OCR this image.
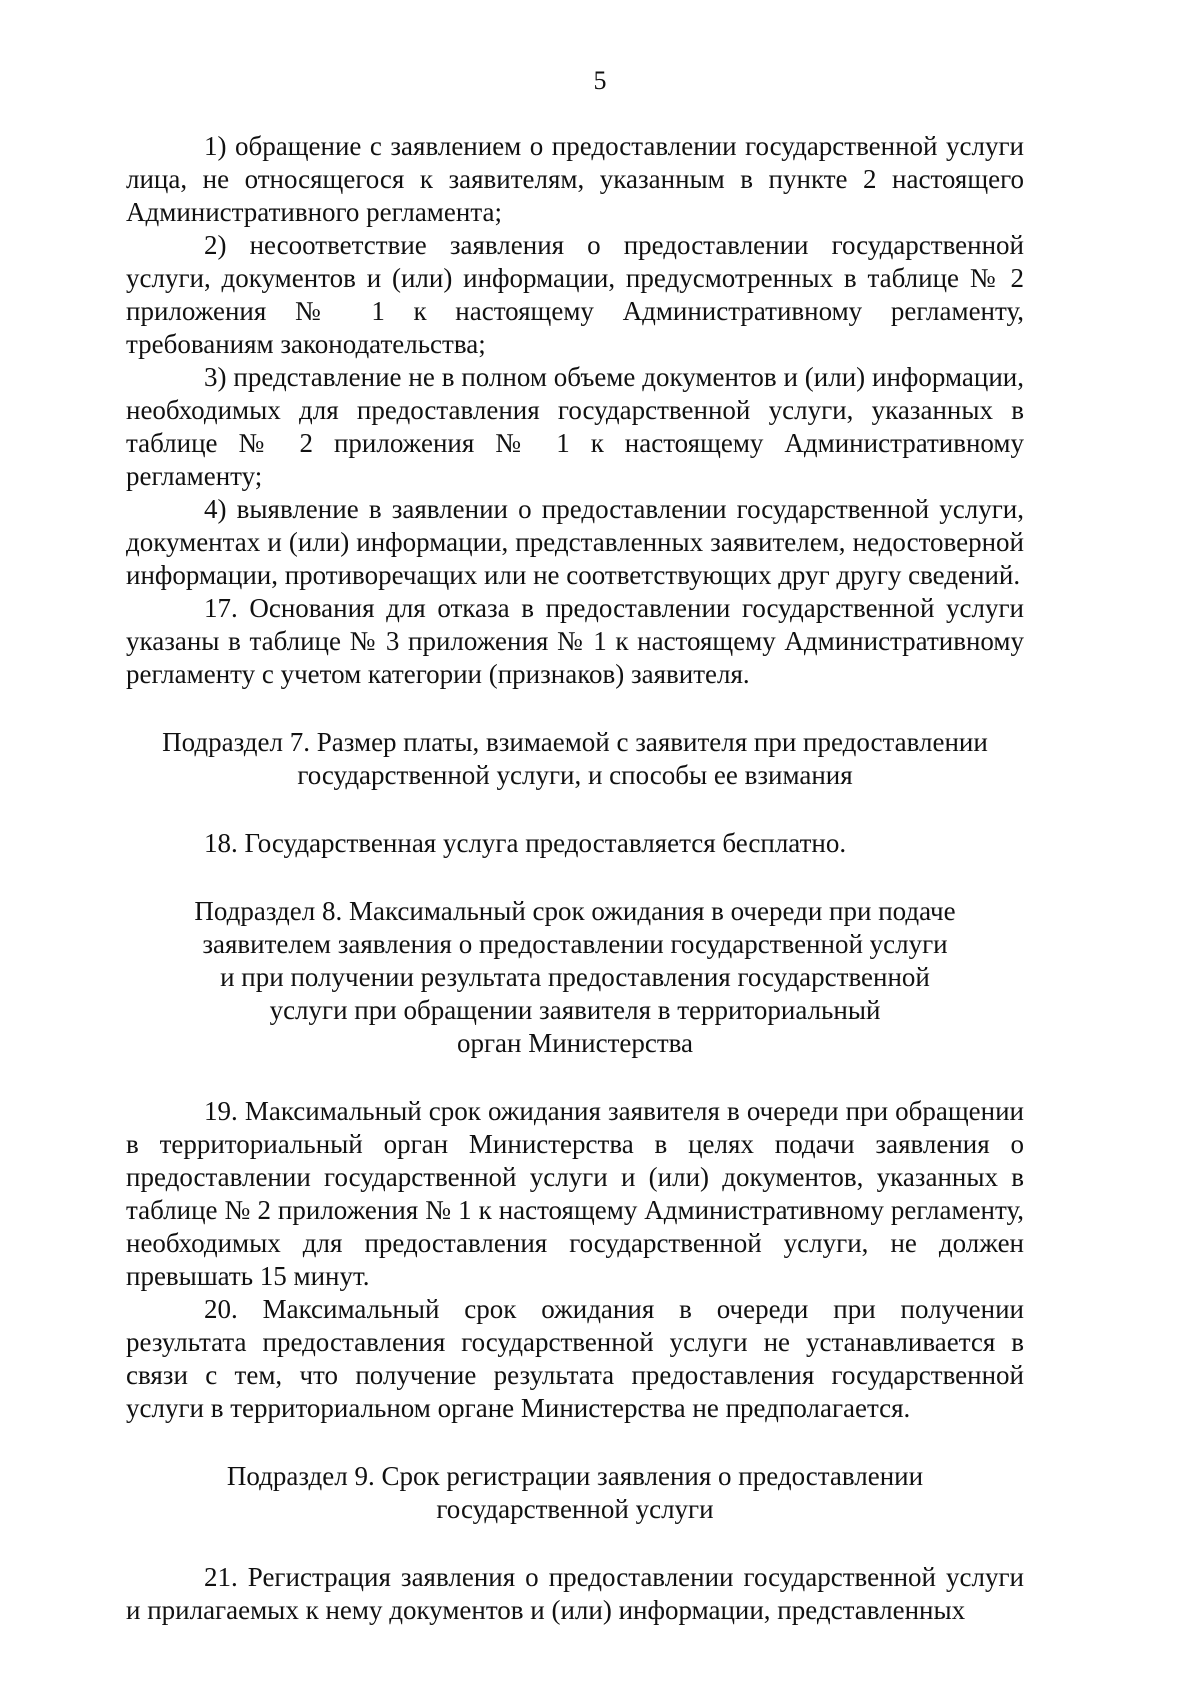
5

1) обращение с заявлением о предоставлении государственной услуги лица, не относящегося к заявителям, указанным в пункте 2 настоящего Административного регламента;

2) несоответствие заявления о предоставлении государственной услуги, документов и (или) информации, предусмотренных в таблице № 2 приложения № 1 к настоящему Административному регламенту, требованиям законодательства;

3) представление не в полном объеме документов и (или) информации, необходимых для предоставления государственной услуги, указанных в таблице № 2 приложения № 1 к настоящему Административному регламенту;

4) выявление в заявлении о предоставлении государственной услуги, документах и (или) информации, представленных заявителем, недостоверной информации, противоречащих или не соответствующих друг другу сведений.

17. Основания для отказа в предоставлении государственной услуги указаны в таблице № 3 приложения № 1 к настоящему Административному регламенту с учетом категории (признаков) заявителя.

Подраздел 7. Размер платы, взимаемой с заявителя при предоставлении
государственной услуги, и способы ее взимания

18. Государственная услуга предоставляется бесплатно.

Подраздел 8. Максимальный срок ожидания в очереди при подаче
заявителем заявления о предоставлении государственной услуги
и при получении результата предоставления государственной
услуги при обращении заявителя в территориальный
орган Министерства

19. Максимальный срок ожидания заявителя в очереди при обращении в территориальный орган Министерства в целях подачи заявления о предоставлении государственной услуги и (или) документов, указанных в таблице № 2 приложения № 1 к настоящему Административному регламенту, необходимых для предоставления государственной услуги, не должен превышать 15 минут.

20. Максимальный срок ожидания в очереди при получении результата предоставления государственной услуги не устанавливается в связи с тем, что получение результата предоставления государственной услуги в территориальном органе Министерства не предполагается.

Подраздел 9. Срок регистрации заявления о предоставлении
государственной услуги

21. Регистрация заявления о предоставлении государственной услуги и прилагаемых к нему документов и (или) информации, представленных
